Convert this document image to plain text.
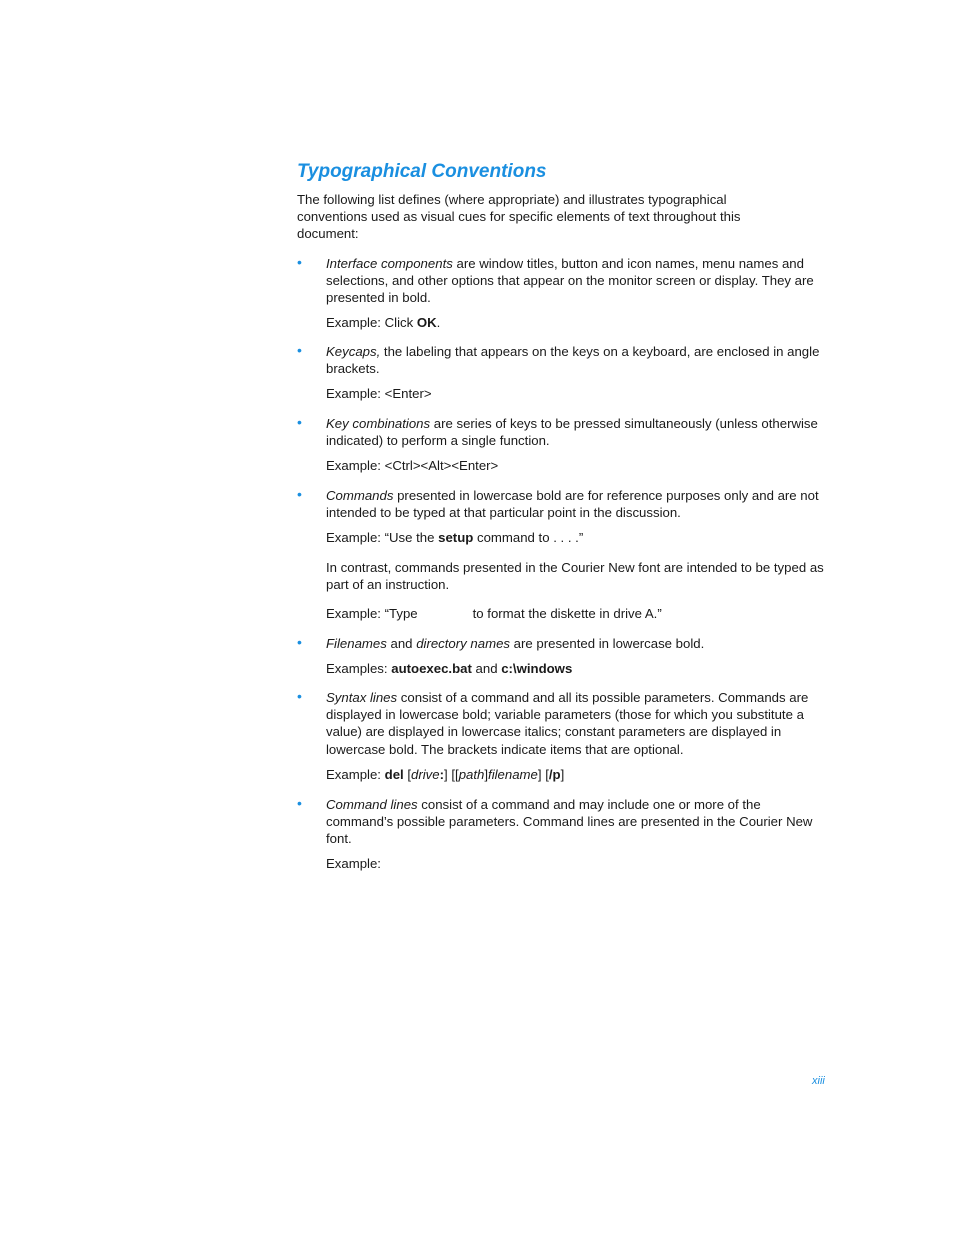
Typographical Conventions
The following list defines (where appropriate) and illustrates typographical conventions used as visual cues for specific elements of text throughout this document:
• Interface components are window titles, button and icon names, menu names and selections, and other options that appear on the monitor screen or display. They are presented in bold.
Example: Click OK.
• Keycaps, the labeling that appears on the keys on a keyboard, are enclosed in angle brackets.
Example: <Enter>
• Key combinations are series of keys to be pressed simultaneously (unless otherwise indicated) to perform a single function.
Example: <Ctrl><Alt><Enter>
• Commands presented in lowercase bold are for reference purposes only and are not intended to be typed at that particular point in the discussion.
Example: “Use the setup command to . . . .”
In contrast, commands presented in the Courier New font are intended to be typed as part of an instruction.
Example: “Type	to format the diskette in drive A.”
• Filenames and directory names are presented in lowercase bold.
Examples: autoexec.bat and c:\windows
• Syntax lines consist of a command and all its possible parameters. Commands are displayed in lowercase bold; variable parameters (those for which you substitute a value) are displayed in lowercase italics; constant parameters are displayed in lowercase bold. The brackets indicate items that are optional.
Example: del [drive:] [[path]filename] [/p]
• Command lines consist of a command and may include one or more of the command’s possible parameters. Command lines are presented in the Courier New font.
Example:
xiii
